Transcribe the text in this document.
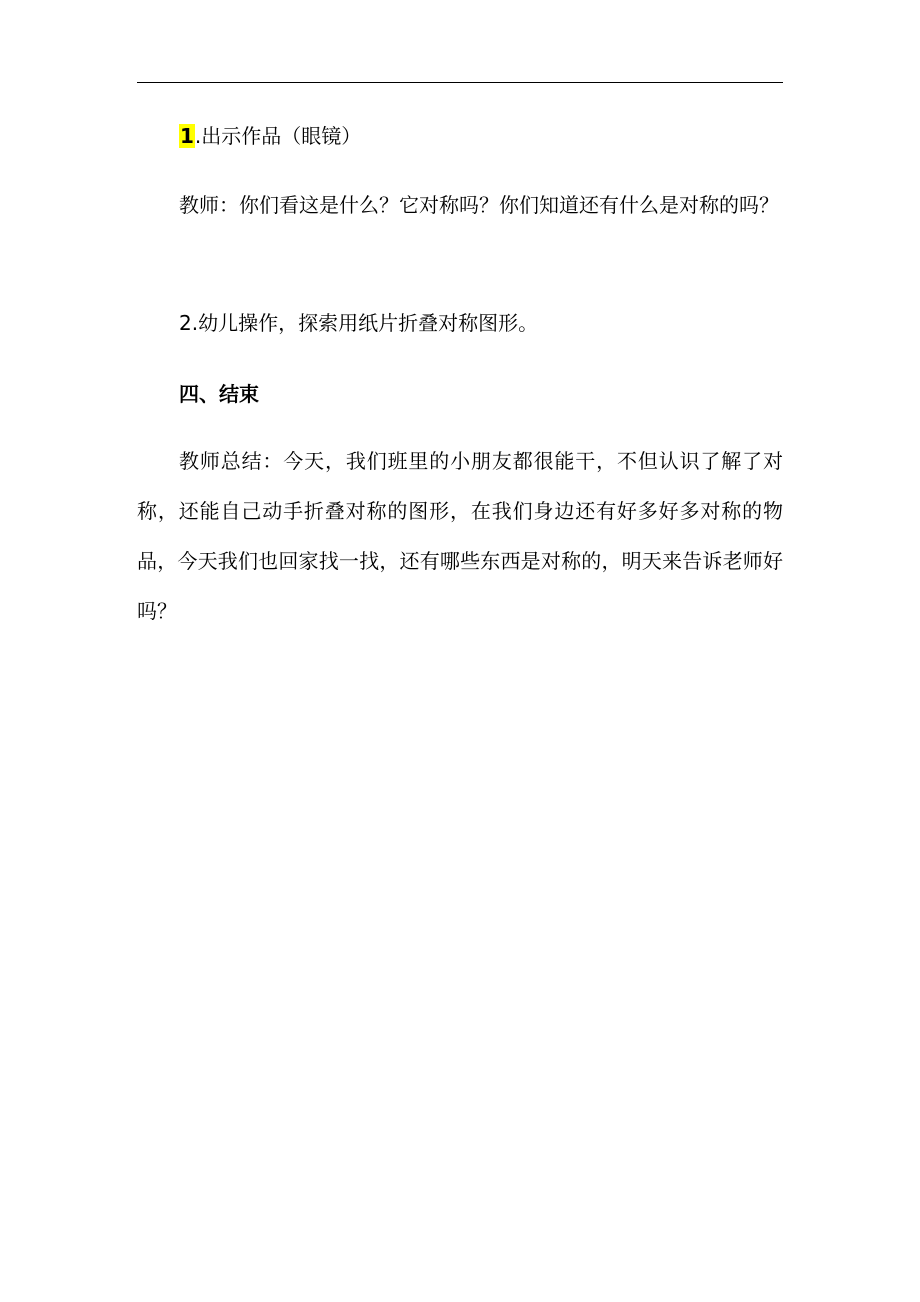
1.出示作品（眼镜）

教师：你们看这是什么？它对称吗？你们知道还有什么是对称的吗？

2.幼儿操作，探索用纸片折叠对称图形。

四、结束

教师总结：今天，我们班里的小朋友都很能干，不但认识了解了对称，还能自己动手折叠对称的图形，在我们身边还有好多好多对称的物品，今天我们也回家找一找，还有哪些东西是对称的，明天来告诉老师好吗？
